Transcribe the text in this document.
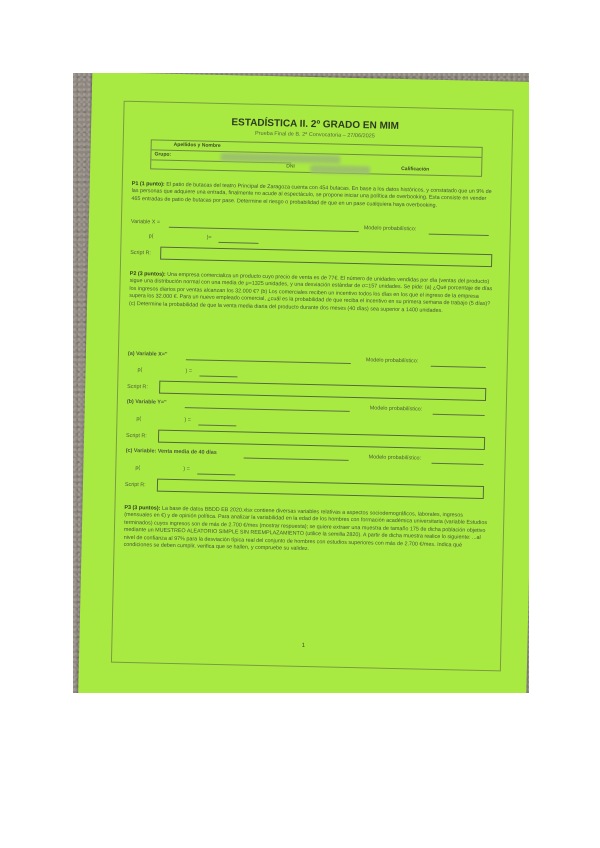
ESTADÍSTICA II. 2º GRADO EN MIM
Prueba Final de B. 2ª Convocatoria – 27/06/2025
Apellidos y Nombre
Grupo:
DNI	Calificación
P1 (1 punto): El patio de butacas del teatro Principal de Zaragoza cuenta con 454 butacas. En base a los datos históricos, y constatado que un 9% de las personas que adquiere una entrada, finalmente no acude al espectáculo, se propone iniciar una política de overbooking. Esta consiste en vender 465 entradas de patio de butacas por pase. Determine el riesgo o probabilidad de que en un pase cualquiera haya overbooking.
Variable X =
Modelo probabilístico:
p(	)=
Script R:
P2 (3 puntos): Una empresa comercializa un producto cuyo precio de venta es de 77€. El número de unidades vendidas por día (ventas del producto) sigue una distribución normal con una media de μ=1325 unidades, y una desviación estándar de σ=157 unidades. Se pide: (a) ¿Qué porcentaje de días los ingresos diarios por ventas alcanzan los 32.000 €? (b) Los comerciales reciben un incentivo todos los días en los que el ingreso de la empresa supera los 32.000 €. Para un nuevo empleado comercial, ¿cuál es la probabilidad de que reciba el incentivo en su primera semana de trabajo (5 días)? (c) Determine la probabilidad de que la venta media diaria del producto durante dos meses (40 días) sea superior a 1400 unidades.
(a) Variable X="
Modelo probabilístico:
p(	) =
Script R:
(b) Variable Y="
Modelo probabilístico:
p(	) =
Script R:
(c) Variable: Venta media de 40 días
Modelo probabilístico:
p(	) =
Script R:
P3 (3 puntos): La base de datos BBDD EB 2020.xlsx contiene diversas variables relativas a aspectos sociodemográficos, laborales, ingresos (mensuales en €) y de opinión política. Para analizar la variabilidad en la edad de los hombres con formación académica universitaria (variable Estudios terminados) cuyos ingresos son de más de 2.700 €/mes (mostrar respuesta); se quiere extraer una muestra de tamaño 175 de dicha población objetivo mediante un MUESTREO ALEATORIO SIMPLE SIN REEMPLAZAMIENTO (utilice la semilla 2820). A partir de dicha muestra realice lo siguiente: ...al nivel de confianza al 97% para la desviación típica real del conjunto de hombres con estudios superiores con más de 2.700 €/mes. Indica qué condiciones se deben cumplir, verifica que se hallen, y compruebe su validez.
1
